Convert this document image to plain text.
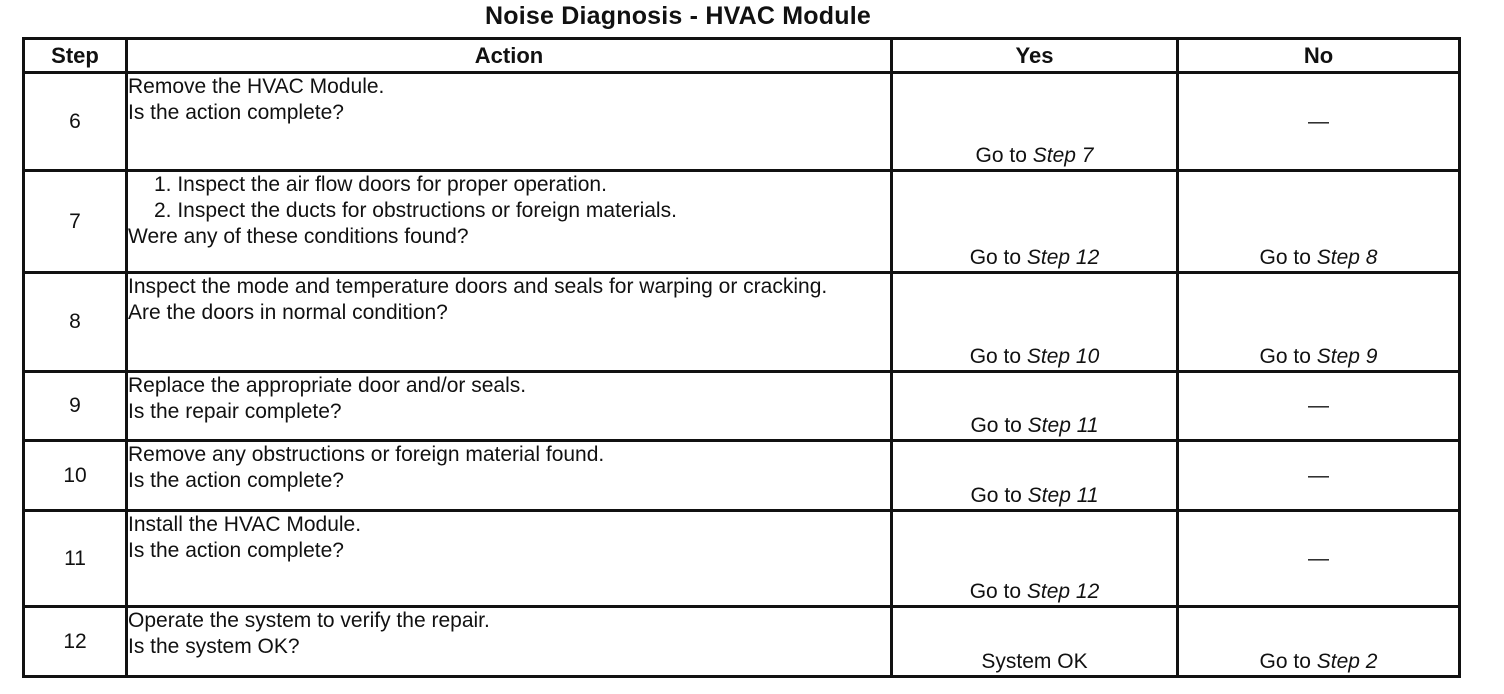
Noise Diagnosis - HVAC Module
Step	Action	Yes	No
6	Remove the HVAC Module.
Is the action complete?	Go to Step 7	—
7	1. Inspect the air flow doors for proper operation.
2. Inspect the ducts for obstructions or foreign materials.
Were any of these conditions found?	Go to Step 12	Go to Step 8
8	Inspect the mode and temperature doors and seals for warping or cracking.
Are the doors in normal condition?	Go to Step 10	Go to Step 9
9	Replace the appropriate door and/or seals.
Is the repair complete?	Go to Step 11	—
10	Remove any obstructions or foreign material found.
Is the action complete?	Go to Step 11	—
11	Install the HVAC Module.
Is the action complete?	Go to Step 12	—
12	Operate the system to verify the repair.
Is the system OK?	System OK	Go to Step 2
